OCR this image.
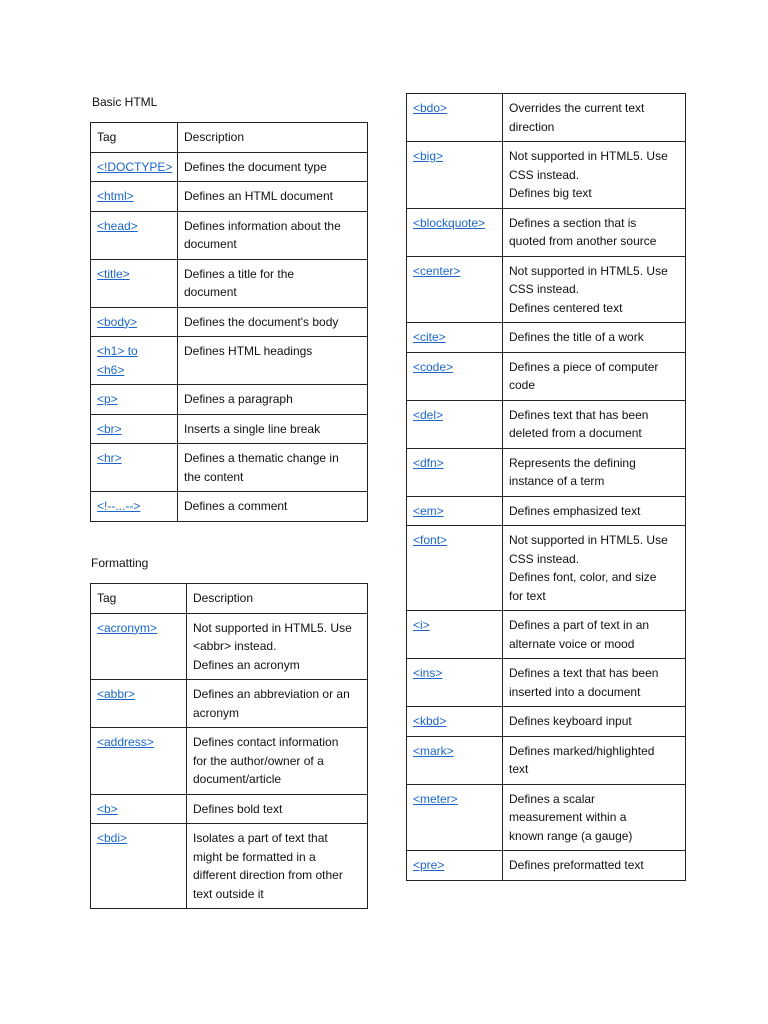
Basic HTML
Tag	Description
<!DOCTYPE>	Defines the document type
<html>	Defines an HTML document
<head>	Defines information about the
document
<title>	Defines a title for the
document
<body>	Defines the document's body
<h1> to
<h6>	Defines HTML headings
<p>	Defines a paragraph
<br>	Inserts a single line break
<hr>	Defines a thematic change in
the content
<!--...-->	Defines a comment
Formatting
Tag	Description
<acronym>	Not supported in HTML5. Use
<abbr> instead.
Defines an acronym
<abbr>	Defines an abbreviation or an
acronym
<address>	Defines contact information
for the author/owner of a
document/article
<b>	Defines bold text
<bdi>	Isolates a part of text that
might be formatted in a
different direction from other
text outside it
<bdo>	Overrides the current text
direction
<big>	Not supported in HTML5. Use
CSS instead.
Defines big text
<blockquote>	Defines a section that is
quoted from another source
<center>	Not supported in HTML5. Use
CSS instead.
Defines centered text
<cite>	Defines the title of a work
<code>	Defines a piece of computer
code
<del>	Defines text that has been
deleted from a document
<dfn>	Represents the defining
instance of a term
<em>	Defines emphasized text
<font>	Not supported in HTML5. Use
CSS instead.
Defines font, color, and size
for text
<i>	Defines a part of text in an
alternate voice or mood
<ins>	Defines a text that has been
inserted into a document
<kbd>	Defines keyboard input
<mark>	Defines marked/highlighted
text
<meter>	Defines a scalar
measurement within a
known range (a gauge)
<pre>	Defines preformatted text
